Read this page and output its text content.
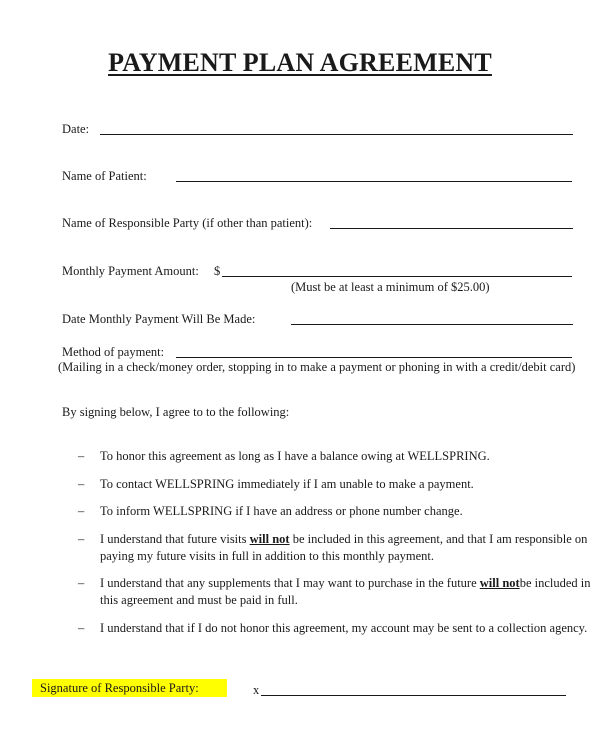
PAYMENT PLAN AGREEMENT
Date:
Name of Patient:
Name of Responsible Party (if other than patient):
Monthly Payment Amount: $
(Must be at least a minimum of $25.00)
Date Monthly Payment Will Be Made:
Method of payment:
(Mailing in a check/money order, stopping in to make a payment or phoning in with a credit/debit card)
By signing below, I agree to to the following:
– To honor this agreement as long as I have a balance owing at WELLSPRING.
– To contact WELLSPRING immediately if I am unable to make a payment.
– To inform WELLSPRING if I have an address or phone number change.
– I understand that future visits will not be included in this agreement, and that I am responsible on paying my future visits in full in addition to this monthly payment.
– I understand that any supplements that I may want to purchase in the future will notbe included in this agreement and must be paid in full.
– I understand that if I do not honor this agreement, my account may be sent to a collection agency.
Signature of Responsible Party:	x
